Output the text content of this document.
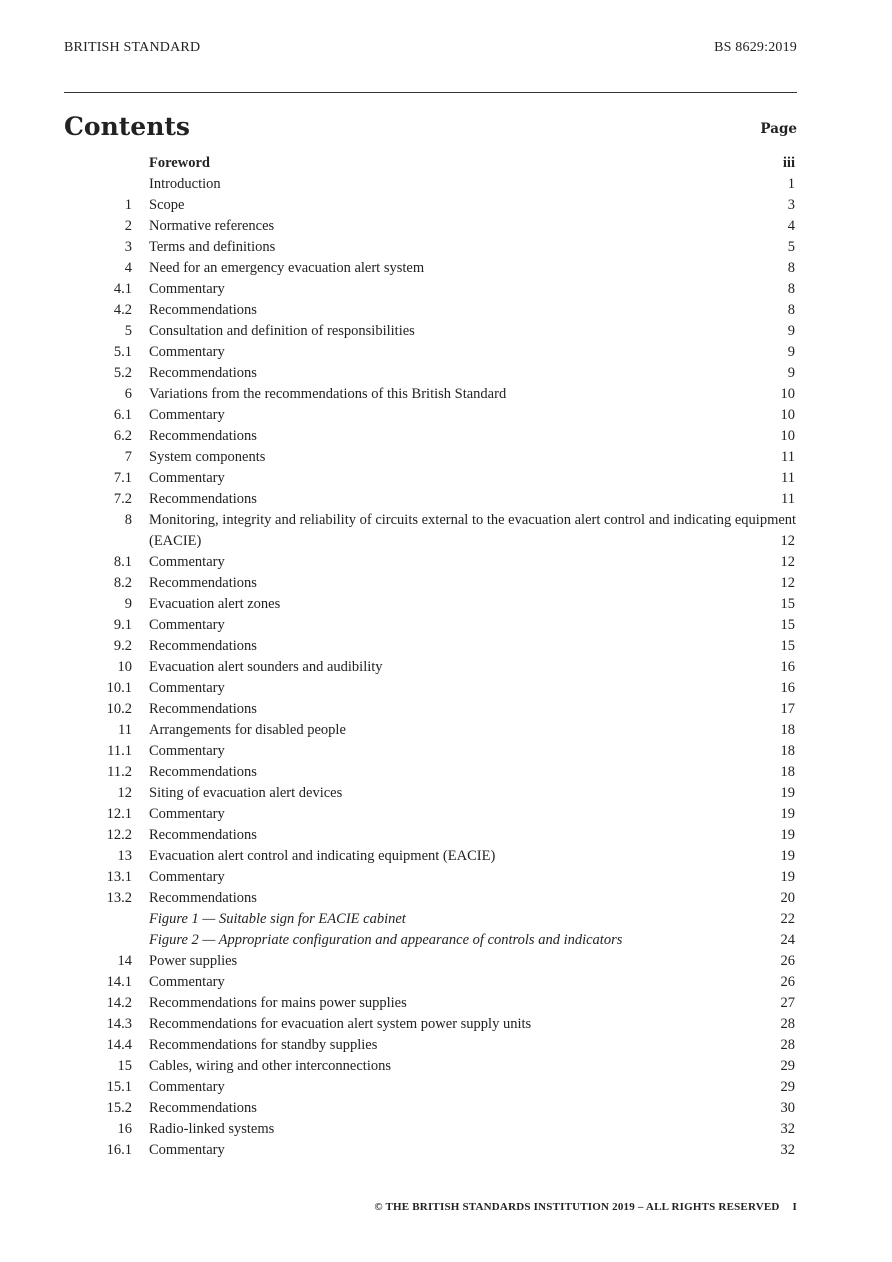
BRITISH STANDARD	BS 8629:2019
Contents	Page
Foreword	iii
Introduction	1
1 Scope	3
2 Normative references	4
3 Terms and definitions	5
4 Need for an emergency evacuation alert system	8
4.1 Commentary	8
4.2 Recommendations	8
5 Consultation and definition of responsibilities	9
5.1 Commentary	9
5.2 Recommendations	9
6 Variations from the recommendations of this British Standard	10
6.1 Commentary	10
6.2 Recommendations	10
7 System components	11
7.1 Commentary	11
7.2 Recommendations	11
8 Monitoring, integrity and reliability of circuits external to the evacuation alert control and indicating equipment (EACIE)	12
8.1 Commentary	12
8.2 Recommendations	12
9 Evacuation alert zones	15
9.1 Commentary	15
9.2 Recommendations	15
10 Evacuation alert sounders and audibility	16
10.1 Commentary	16
10.2 Recommendations	17
11 Arrangements for disabled people	18
11.1 Commentary	18
11.2 Recommendations	18
12 Siting of evacuation alert devices	19
12.1 Commentary	19
12.2 Recommendations	19
13 Evacuation alert control and indicating equipment (EACIE)	19
13.1 Commentary	19
13.2 Recommendations	20
Figure 1 — Suitable sign for EACIE cabinet	22
Figure 2 — Appropriate configuration and appearance of controls and indicators	24
14 Power supplies	26
14.1 Commentary	26
14.2 Recommendations for mains power supplies	27
14.3 Recommendations for evacuation alert system power supply units	28
14.4 Recommendations for standby supplies	28
15 Cables, wiring and other interconnections	29
15.1 Commentary	29
15.2 Recommendations	30
16 Radio-linked systems	32
16.1 Commentary	32
© THE BRITISH STANDARDS INSTITUTION 2019 – ALL RIGHTS RESERVED I
